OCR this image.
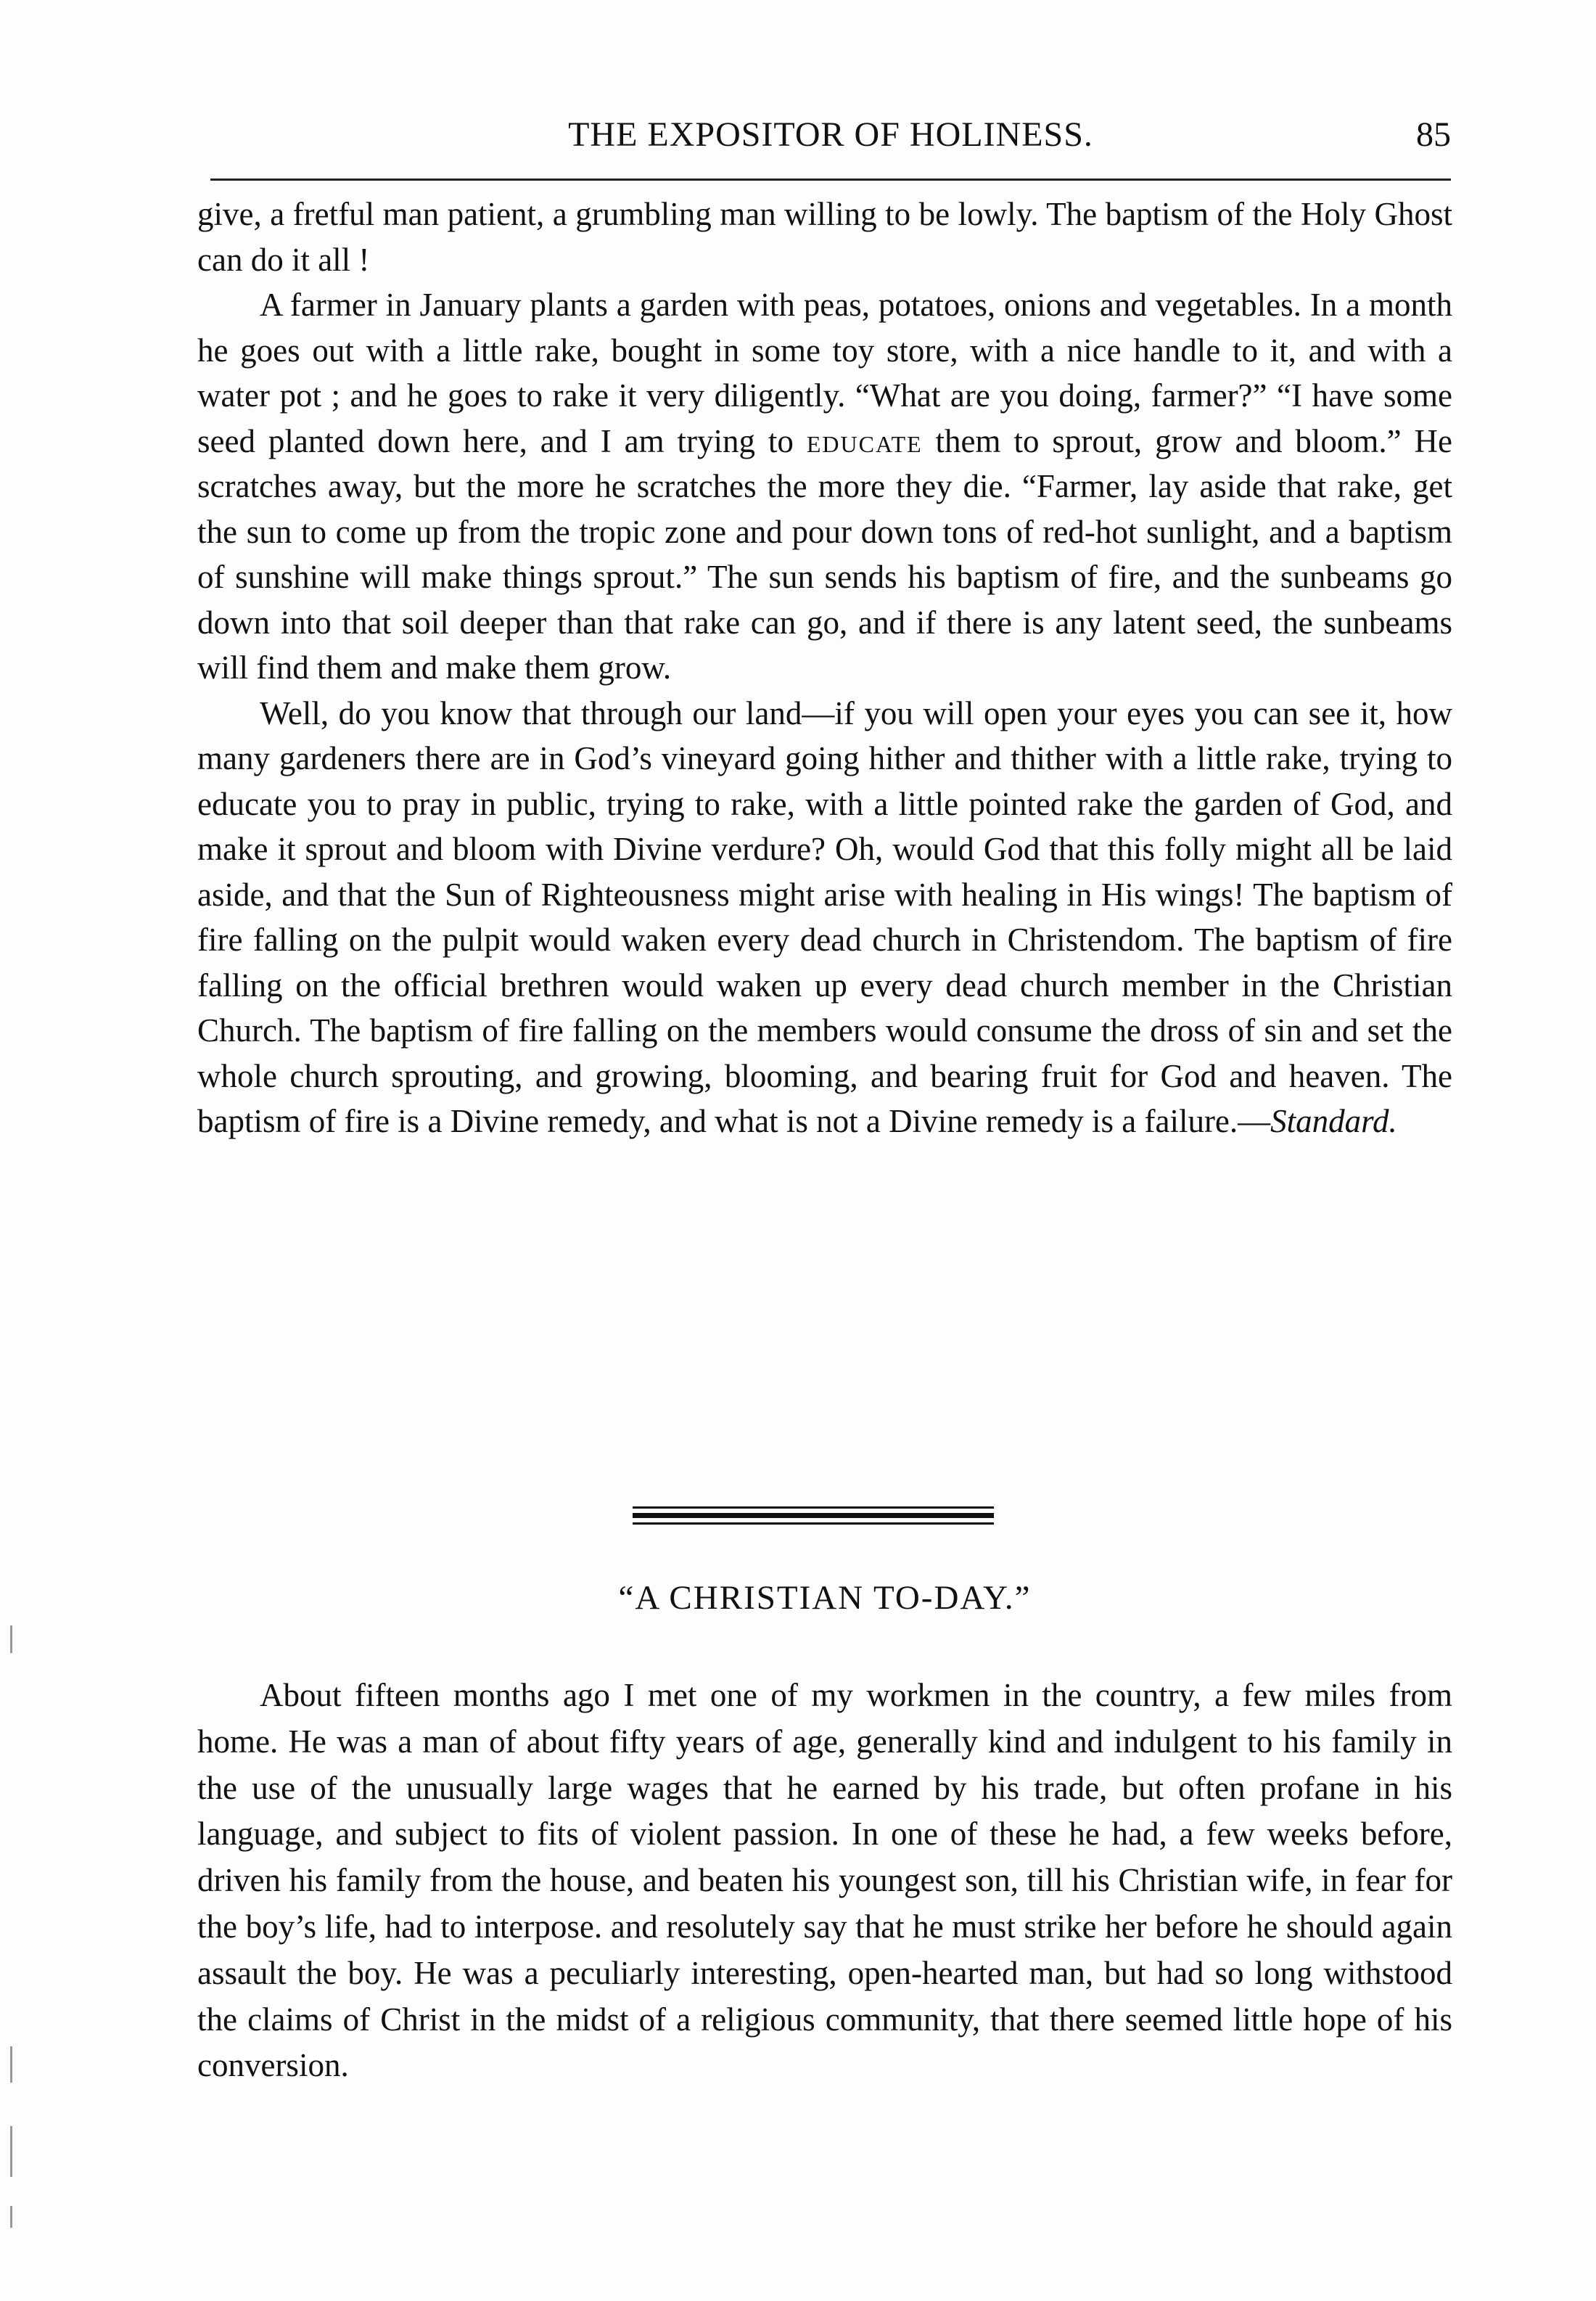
THE EXPOSITOR OF HOLINESS.	85

give, a fretful man patient, a grumbling man willing to be lowly. The baptism of the Holy Ghost can do it all !

A farmer in January plants a garden with peas, potatoes, onions and vegetables. In a month he goes out with a little rake, bought in some toy store, with a nice handle to it, and with a water pot ; and he goes to rake it very diligently. “What are you doing, farmer?” “I have some seed planted down here, and I am trying to educate them to sprout, grow and bloom.” He scratches away, but the more he scratches the more they die. “Farmer, lay aside that rake, get the sun to come up from the tropic zone and pour down tons of red-hot sunlight, and a baptism of sunshine will make things sprout.” The sun sends his baptism of fire, and the sunbeams go down into that soil deeper than that rake can go, and if there is any latent seed, the sunbeams will find them and make them grow.

Well, do you know that through our land—if you will open your eyes you can see it, how many gardeners there are in God’s vineyard going hither and thither with a little rake, trying to educate you to pray in public, trying to rake, with a little pointed rake the garden of God, and make it sprout and bloom with Divine verdure? Oh, would God that this folly might all be laid aside, and that the Sun of Righteousness might arise with healing in His wings! The baptism of fire falling on the pulpit would waken every dead church in Christendom. The baptism of fire falling on the official brethren would waken up every dead church member in the Christian Church. The baptism of fire falling on the members would consume the dross of sin and set the whole church sprouting, and growing, blooming, and bearing fruit for God and heaven. The baptism of fire is a Divine remedy, and what is not a Divine remedy is a failure.—Standard.

“A CHRISTIAN TO-DAY.”

About fifteen months ago I met one of my workmen in the country, a few miles from home. He was a man of about fifty years of age, generally kind and indulgent to his family in the use of the unusually large wages that he earned by his trade, but often profane in his language, and subject to fits of violent passion. In one of these he had, a few weeks before, driven his family from the house, and beaten his youngest son, till his Christian wife, in fear for the boy’s life, had to interpose. and resolutely say that he must strike her before he should again assault the boy. He was a peculiarly interesting, open-hearted man, but had so long withstood the claims of Christ in the midst of a religious community, that there seemed little hope of his conversion.
